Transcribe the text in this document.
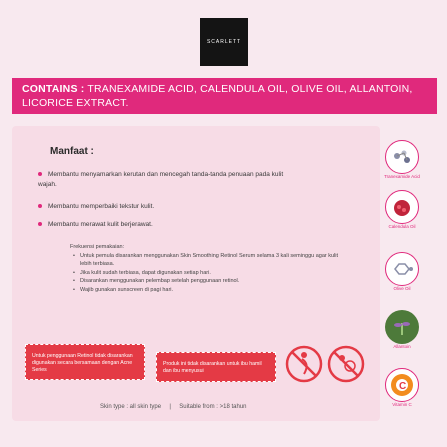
SCARLETT
CONTAINS : TRANEXAMIDE ACID, CALENDULA OIL, OLIVE OIL, ALLANTOIN, LICORICE EXTRACT.
Manfaat :
Membantu menyamarkan kerutan dan mencegah tanda-tanda penuaan pada kulit wajah.
Membantu memperbaiki tekstur kulit.
Membantu merawat kulit berjerawat.
Frekuensi pemakaian:
• Untuk pemula disarankan menggunakan Skin Smoothing Retinol Serum selama 3 kali seminggu agar kulit lebih terbiasa.
• Jika kulit sudah terbiasa, dapat digunakan setiap hari.
• Disarankan menggunakan pelembap setelah penggunaan retinol.
• Wajib gunakan sunscreen di pagi hari.
Untuk penggunaan Retinol tidak disarankan digunakan secara bersamaan dengan Acne Series
Produk ini tidak disarankan untuk ibu hamil dan ibu menyusui
Tranexamide Acid
Calendula Oil
Olive Oil
Allantoin
C
Vitamin C
Skin type : all skin type | Suitable from : >18 tahun
